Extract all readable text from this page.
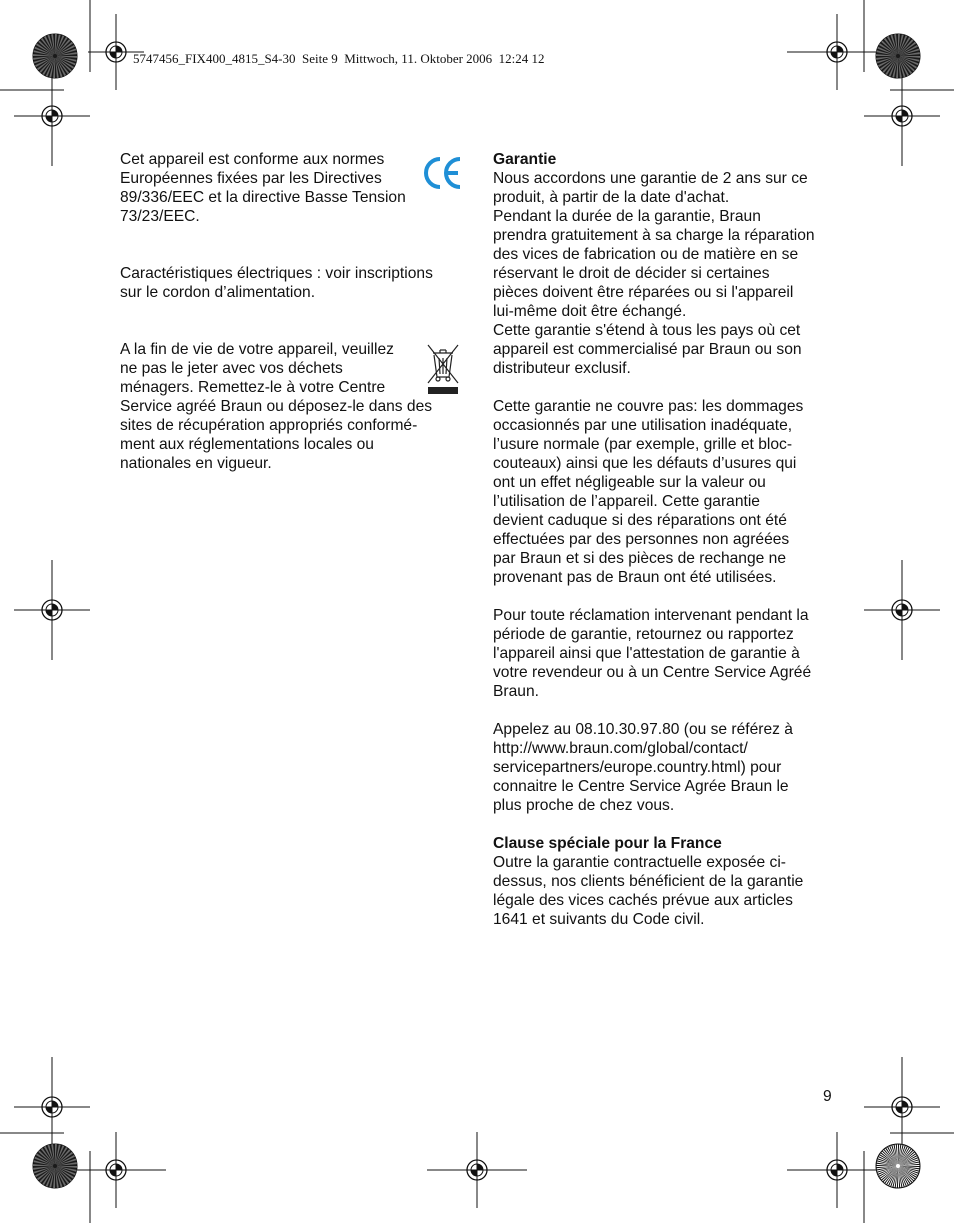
5747456_FIX400_4815_S4-30  Seite 9  Mittwoch, 11. Oktober 2006  12:24 12

Cet appareil est conforme aux normes
Européennes fixées par les Directives
89/336/EEC et la directive Basse Tension
73/23/EEC.

Caractéristiques électriques : voir inscriptions
sur le cordon d’alimentation.

A la fin de vie de votre appareil, veuillez
ne pas le jeter avec vos déchets
ménagers. Remettez-le à votre Centre
Service agréé Braun ou déposez-le dans des
sites de récupération appropriés conformé-
ment aux réglementations locales ou
nationales en vigueur.

Garantie

Nous accordons une garantie de 2 ans sur ce
produit, à partir de la date d'achat.
Pendant la durée de la garantie, Braun
prendra gratuitement à sa charge la réparation
des vices de fabrication ou de matière en se
réservant le droit de décider si certaines
pièces doivent être réparées ou si l'appareil
lui-même doit être échangé.
Cette garantie s'étend à tous les pays où cet
appareil est commercialisé par Braun ou son
distributeur exclusif.

Cette garantie ne couvre pas: les dommages
occasionnés par une utilisation inadéquate,
l’usure normale (par exemple, grille et bloc-
couteaux) ainsi que les défauts d’usures qui
ont un effet négligeable sur la valeur ou
l’utilisation de l’appareil. Cette garantie
devient caduque si des réparations ont été
effectuées par des personnes non agréées
par Braun et si des pièces de rechange ne
provenant pas de Braun ont été utilisées.

Pour toute réclamation intervenant pendant la
période de garantie, retournez ou rapportez
l'appareil ainsi que l'attestation de garantie à
votre revendeur ou à un Centre Service Agréé
Braun.

Appelez au 08.10.30.97.80 (ou se référez à
http://www.braun.com/global/contact/
servicepartners/europe.country.html) pour
connaitre le Centre Service Agrée Braun le
plus proche de chez vous.

Clause spéciale pour la France

Outre la garantie contractuelle exposée ci-
dessus, nos clients bénéficient de la garantie
légale des vices cachés prévue aux articles
1641 et suivants du Code civil.

9
